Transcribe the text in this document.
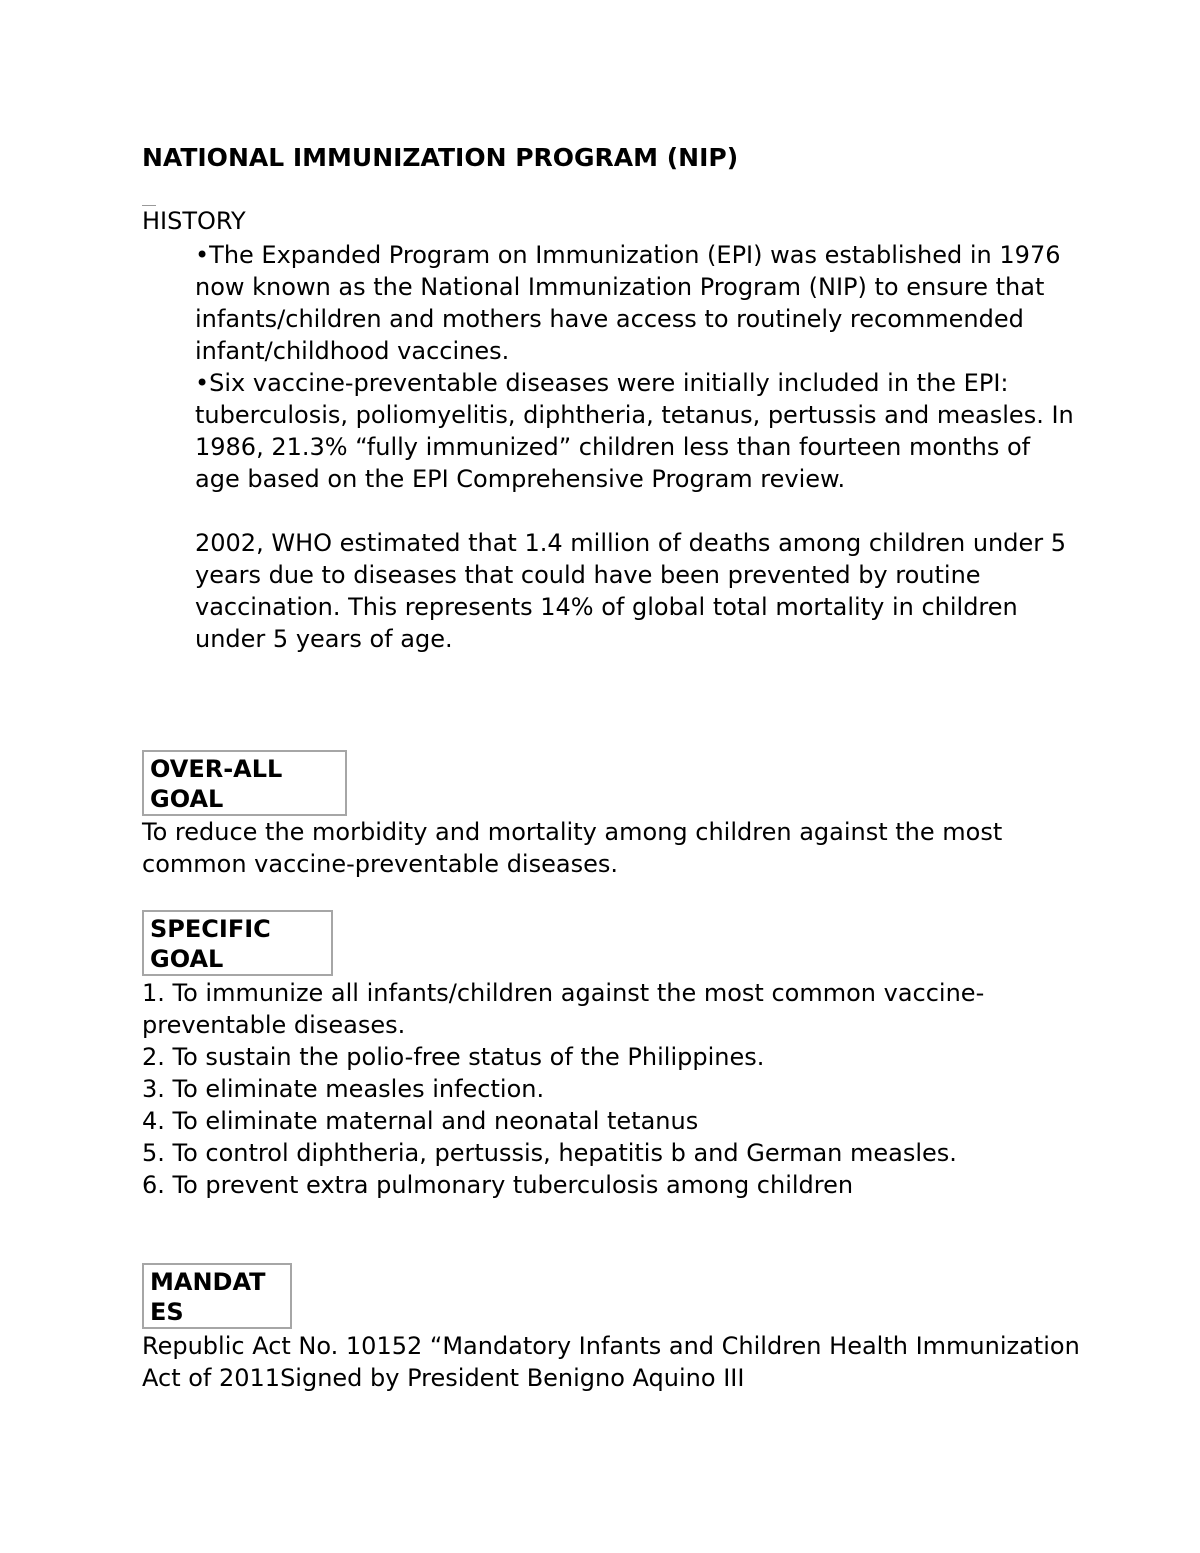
NATIONAL IMMUNIZATION PROGRAM (NIP)
HISTORY

•The Expanded Program on Immunization (EPI) was established in 1976 now known as the National Immunization Program (NIP) to ensure that infants/children and mothers have access to routinely recommended infant/childhood vaccines.

•Six vaccine-preventable diseases were initially included in the EPI: tuberculosis, poliomyelitis, diphtheria, tetanus, pertussis and measles. In 1986, 21.3% “fully immunized” children less than fourteen months of age based on the EPI Comprehensive Program review.

2002, WHO estimated that 1.4 million of deaths among children under 5 years due to diseases that could have been prevented by routine vaccination. This represents 14% of global total mortality in children under 5 years of age.

OVER-ALL
GOAL

To reduce the morbidity and mortality among children against the most common vaccine-preventable diseases.

SPECIFIC
GOAL

1. To immunize all infants/children against the most common vaccine-preventable diseases.

2. To sustain the polio-free status of the Philippines.

3. To eliminate measles infection.

4. To eliminate maternal and neonatal tetanus

5. To control diphtheria, pertussis, hepatitis b and German measles.

6. To prevent extra pulmonary tuberculosis among children

MANDAT
ES

Republic Act No. 10152 “Mandatory Infants and Children Health Immunization Act of 2011Signed by President Benigno Aquino III
